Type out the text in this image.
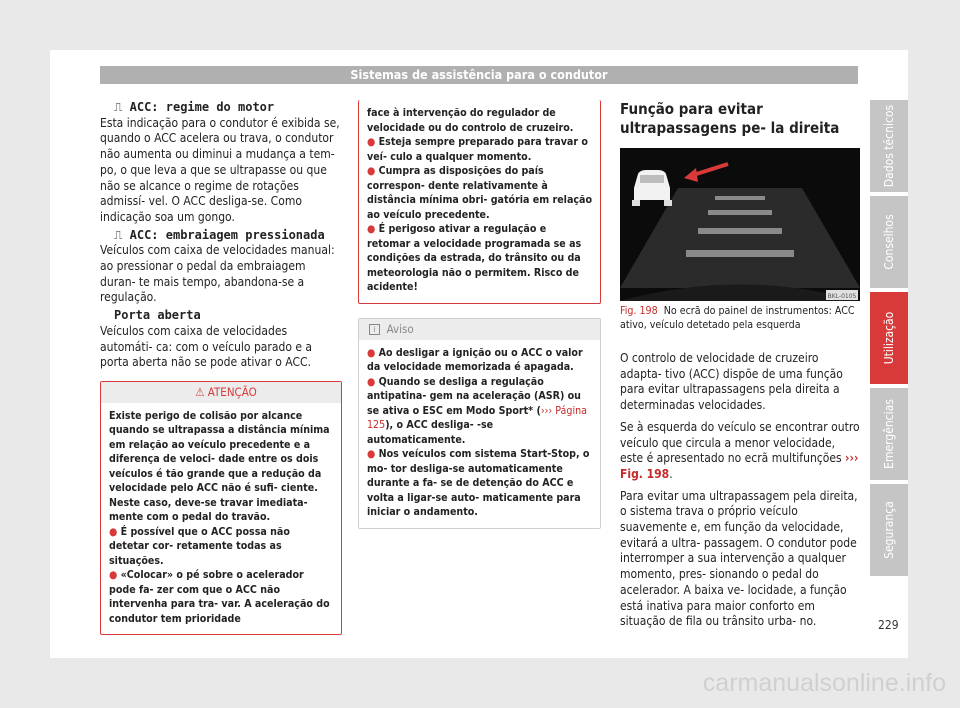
Sistemas de assistência para o condutor

⎍ ACC: regime do motor

Esta indicação para o condutor é exibida se, quando o ACC acelera ou trava, o condutor não aumenta ou diminui a mudança a tem- po, o que leva a que se ultrapasse ou que não se alcance o regime de rotações admissí- vel. O ACC desliga-se. Como indicação soa um gongo.

⎍ ACC: embraiagem pressionada

Veículos com caixa de velocidades manual: ao pressionar o pedal da embraiagem duran- te mais tempo, abandona-se a regulação.

Porta aberta

Veículos com caixa de velocidades automáti- ca: com o veículo parado e a porta aberta não se pode ativar o ACC.

⚠ ATENÇÃO

Existe perigo de colisão por alcance quando se ultrapassa a distância mínima em relação ao veículo precedente e a diferença de veloci- dade entre os dois veículos é tão grande que a redução da velocidade pelo ACC não é sufi- ciente. Neste caso, deve-se travar imediata- mente com o pedal do travão.

● É possível que o ACC possa não detetar cor- retamente todas as situações.

● «Colocar» o pé sobre o acelerador pode fa- zer com que o ACC não intervenha para tra- var. A aceleração do condutor tem prioridade

face à intervenção do regulador de velocidade ou do controlo de cruzeiro.

● Esteja sempre preparado para travar o veí- culo a qualquer momento.

● Cumpra as disposições do país correspon- dente relativamente à distância mínima obri- gatória em relação ao veículo precedente.

● É perigoso ativar a regulação e retomar a velocidade programada se as condições da estrada, do trânsito ou da meteorologia não o permitem. Risco de acidente!

i Aviso

● Ao desligar a ignição ou o ACC o valor da velocidade memorizada é apagada.

● Quando se desliga a regulação antipatina- gem na aceleração (ASR) ou se ativa o ESC em Modo Sport* (››› Página 125), o ACC desliga- -se automaticamente.

● Nos veículos com sistema Start-Stop, o mo- tor desliga-se automaticamente durante a fa- se de detenção do ACC e volta a ligar-se auto- maticamente para iniciar o andamento.

Função para evitar ultrapassagens pe- la direita

BKL-0105

Fig. 198 No ecrã do painel de instrumentos: ACC ativo, veículo detetado pela esquerda

O controlo de velocidade de cruzeiro adapta- tivo (ACC) dispõe de uma função para evitar ultrapassagens pela direita a determinadas velocidades.

Se à esquerda do veículo se encontrar outro veículo que circula a menor velocidade, este é apresentado no ecrã multifunções ››› Fig. 198.

Para evitar uma ultrapassagem pela direita, o sistema trava o próprio veículo suavemente e, em função da velocidade, evitará a ultra- passagem. O condutor pode interromper a sua intervenção a qualquer momento, pres- sionando o pedal do acelerador. A baixa ve- locidade, a função está inativa para maior conforto em situação de fila ou trânsito urba- no.

Dados técnicos
Conselhos
Utilização
Emergências
Segurança
229
carmanualsonline.info
